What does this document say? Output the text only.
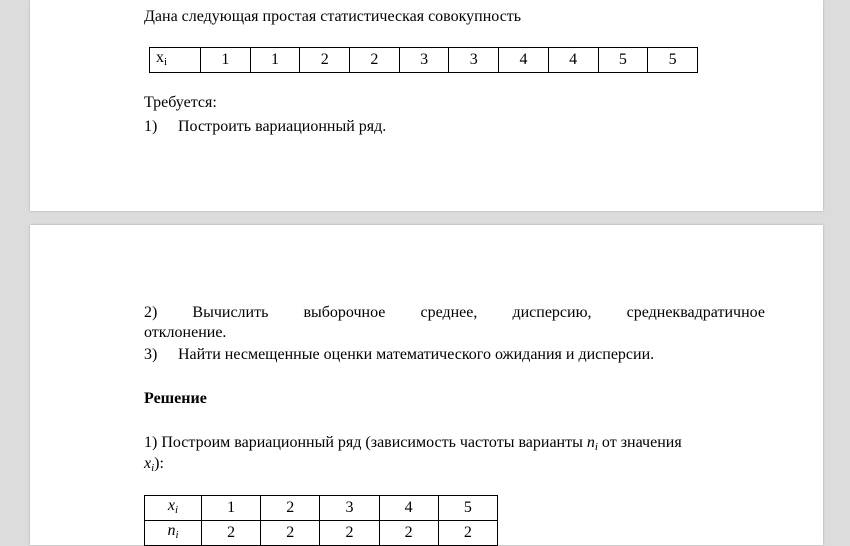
Дана следующая простая статистическая совокупность
$x_i$	1	1	2	2	3	3	4	4	5	5
Требуется:
1) Построить вариационный ряд.
2) Вычислить выборочное среднее, дисперсию, среднеквадратичное
отклонение.
3) Найти несмещенные оценки математического ожидания и дисперсии.
Решение
1) Построим вариационный ряд (зависимость частоты варианты $n_i$ от значения
$x_i$):
$x_i$	1	2	3	4	5
$n_i$	2	2	2	2	2
